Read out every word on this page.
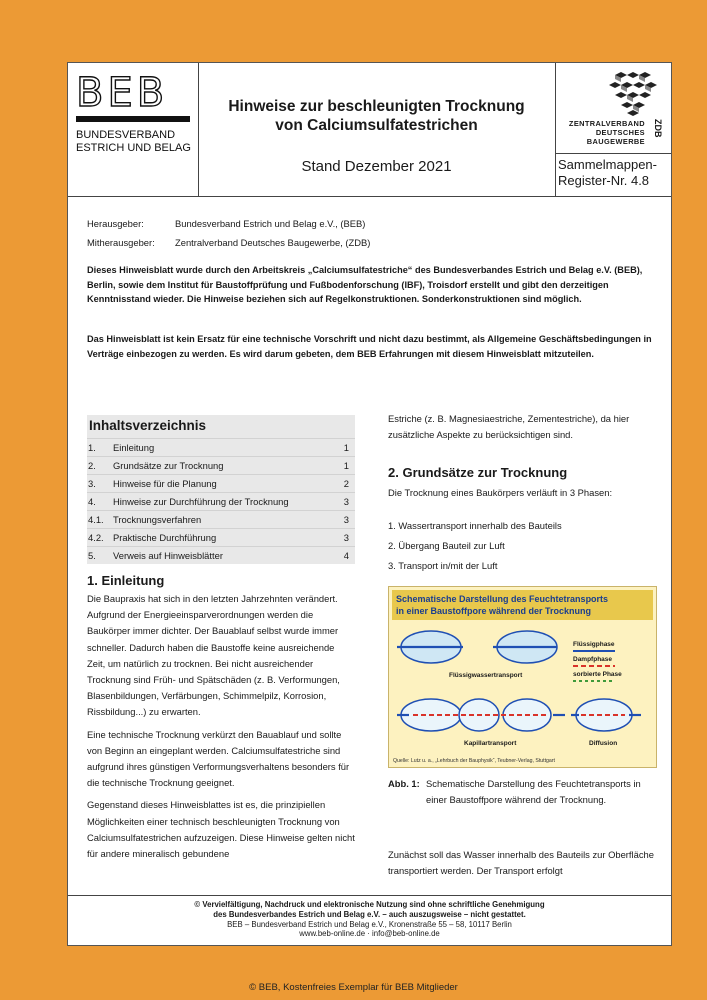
BEB
BUNDESVERBAND
ESTRICH UND BELAG
Hinweise zur beschleunigten Trocknung
von Calciumsulfatestrichen
Stand Dezember 2021
ZENTRALVERBAND
DEUTSCHES
BAUGEWERBE
ZDB
Sammelmappen-
Register-Nr. 4.8
Herausgeber:	Bundesverband Estrich und Belag e.V., (BEB)
Mitherausgeber:	Zentralverband Deutsches Baugewerbe, (ZDB)
Dieses Hinweisblatt wurde durch den Arbeitskreis „Calciumsulfatestriche“ des Bundesverbandes Estrich und Belag e.V. (BEB), Berlin, sowie dem Institut für Baustoffprüfung und Fußbodenforschung (IBF), Troisdorf erstellt und gibt den derzeitigen Kenntnisstand wieder. Die Hinweise beziehen sich auf Regelkonstruktionen. Sonderkonstruktionen sind möglich.
Das Hinweisblatt ist kein Ersatz für eine technische Vorschrift und nicht dazu bestimmt, als Allgemeine Geschäftsbedingungen in Verträge einbezogen zu werden. Es wird darum gebeten, dem BEB Erfahrungen mit diesem Hinweisblatt mitzuteilen.
Inhaltsverzeichnis
1.	Einleitung	1
2.	Grundsätze zur Trocknung	1
3.	Hinweise für die Planung	2
4.	Hinweise zur Durchführung der Trocknung	3
4.1. Trocknungsverfahren	3
4.2. Praktische Durchführung	3
5.	Verweis auf Hinweisblätter	4
1. Einleitung

Die Baupraxis hat sich in den letzten Jahrzehnten verändert. Aufgrund der Energieeinsparverordnungen werden die Baukörper immer dichter. Der Bauablauf selbst wurde immer schneller. Dadurch haben die Baustoffe keine ausreichende Zeit, um natürlich zu trocknen. Bei nicht ausreichender Trocknung sind Früh- und Spätschäden (z. B. Verformungen, Blasenbildungen, Verfärbungen, Schimmelpilz, Korrosion, Rissbildung...) zu erwarten.

Eine technische Trocknung verkürzt den Bauablauf und sollte von Beginn an eingeplant werden. Calciumsulfatestriche sind aufgrund ihres günstigen Verformungsverhaltens besonders für die technische Trocknung geeignet.

Gegenstand dieses Hinweisblattes ist es, die prinzipiellen Möglichkeiten einer technisch beschleunigten Trocknung von Calciumsulfatestrichen aufzuzeigen. Diese Hinweise gelten nicht für andere mineralisch gebundene

Estriche (z. B. Magnesiaestriche, Zementestriche), da hier zusätzliche Aspekte zu berücksichtigen sind.
2. Grundsätze zur Trocknung
Die Trocknung eines Baukörpers verläuft in 3 Phasen:
1. Wassertransport innerhalb des Bauteils
2. Übergang Bauteil zur Luft
3. Transport in/mit der Luft
Schematische Darstellung des Feuchtetransports
in einer Baustoffpore während der Trocknung
Flüssigphase
Dampfphase
sorbierte Phase
Flüssigwassertransport
Kapillartransport	Diffusion
Quelle: Lutz u. a., „Lehrbuch der Bauphysik“, Teubner-Verlag, Stuttgart
Abb. 1: Schematische Darstellung des Feuchtetransports in einer Baustoffpore während der Trocknung.
Zunächst soll das Wasser innerhalb des Bauteils zur Oberfläche transportiert werden. Der Transport erfolgt
© Vervielfältigung, Nachdruck und elektronische Nutzung sind ohne schriftliche Genehmigung
des Bundesverbandes Estrich und Belag e.V. – auch auszugsweise – nicht gestattet.
BEB – Bundesverband Estrich und Belag e.V., Kronenstraße 55 – 58, 10117 Berlin
www.beb-online.de · info@beb-online.de
© BEB, Kostenfreies Exemplar für BEB Mitglieder
